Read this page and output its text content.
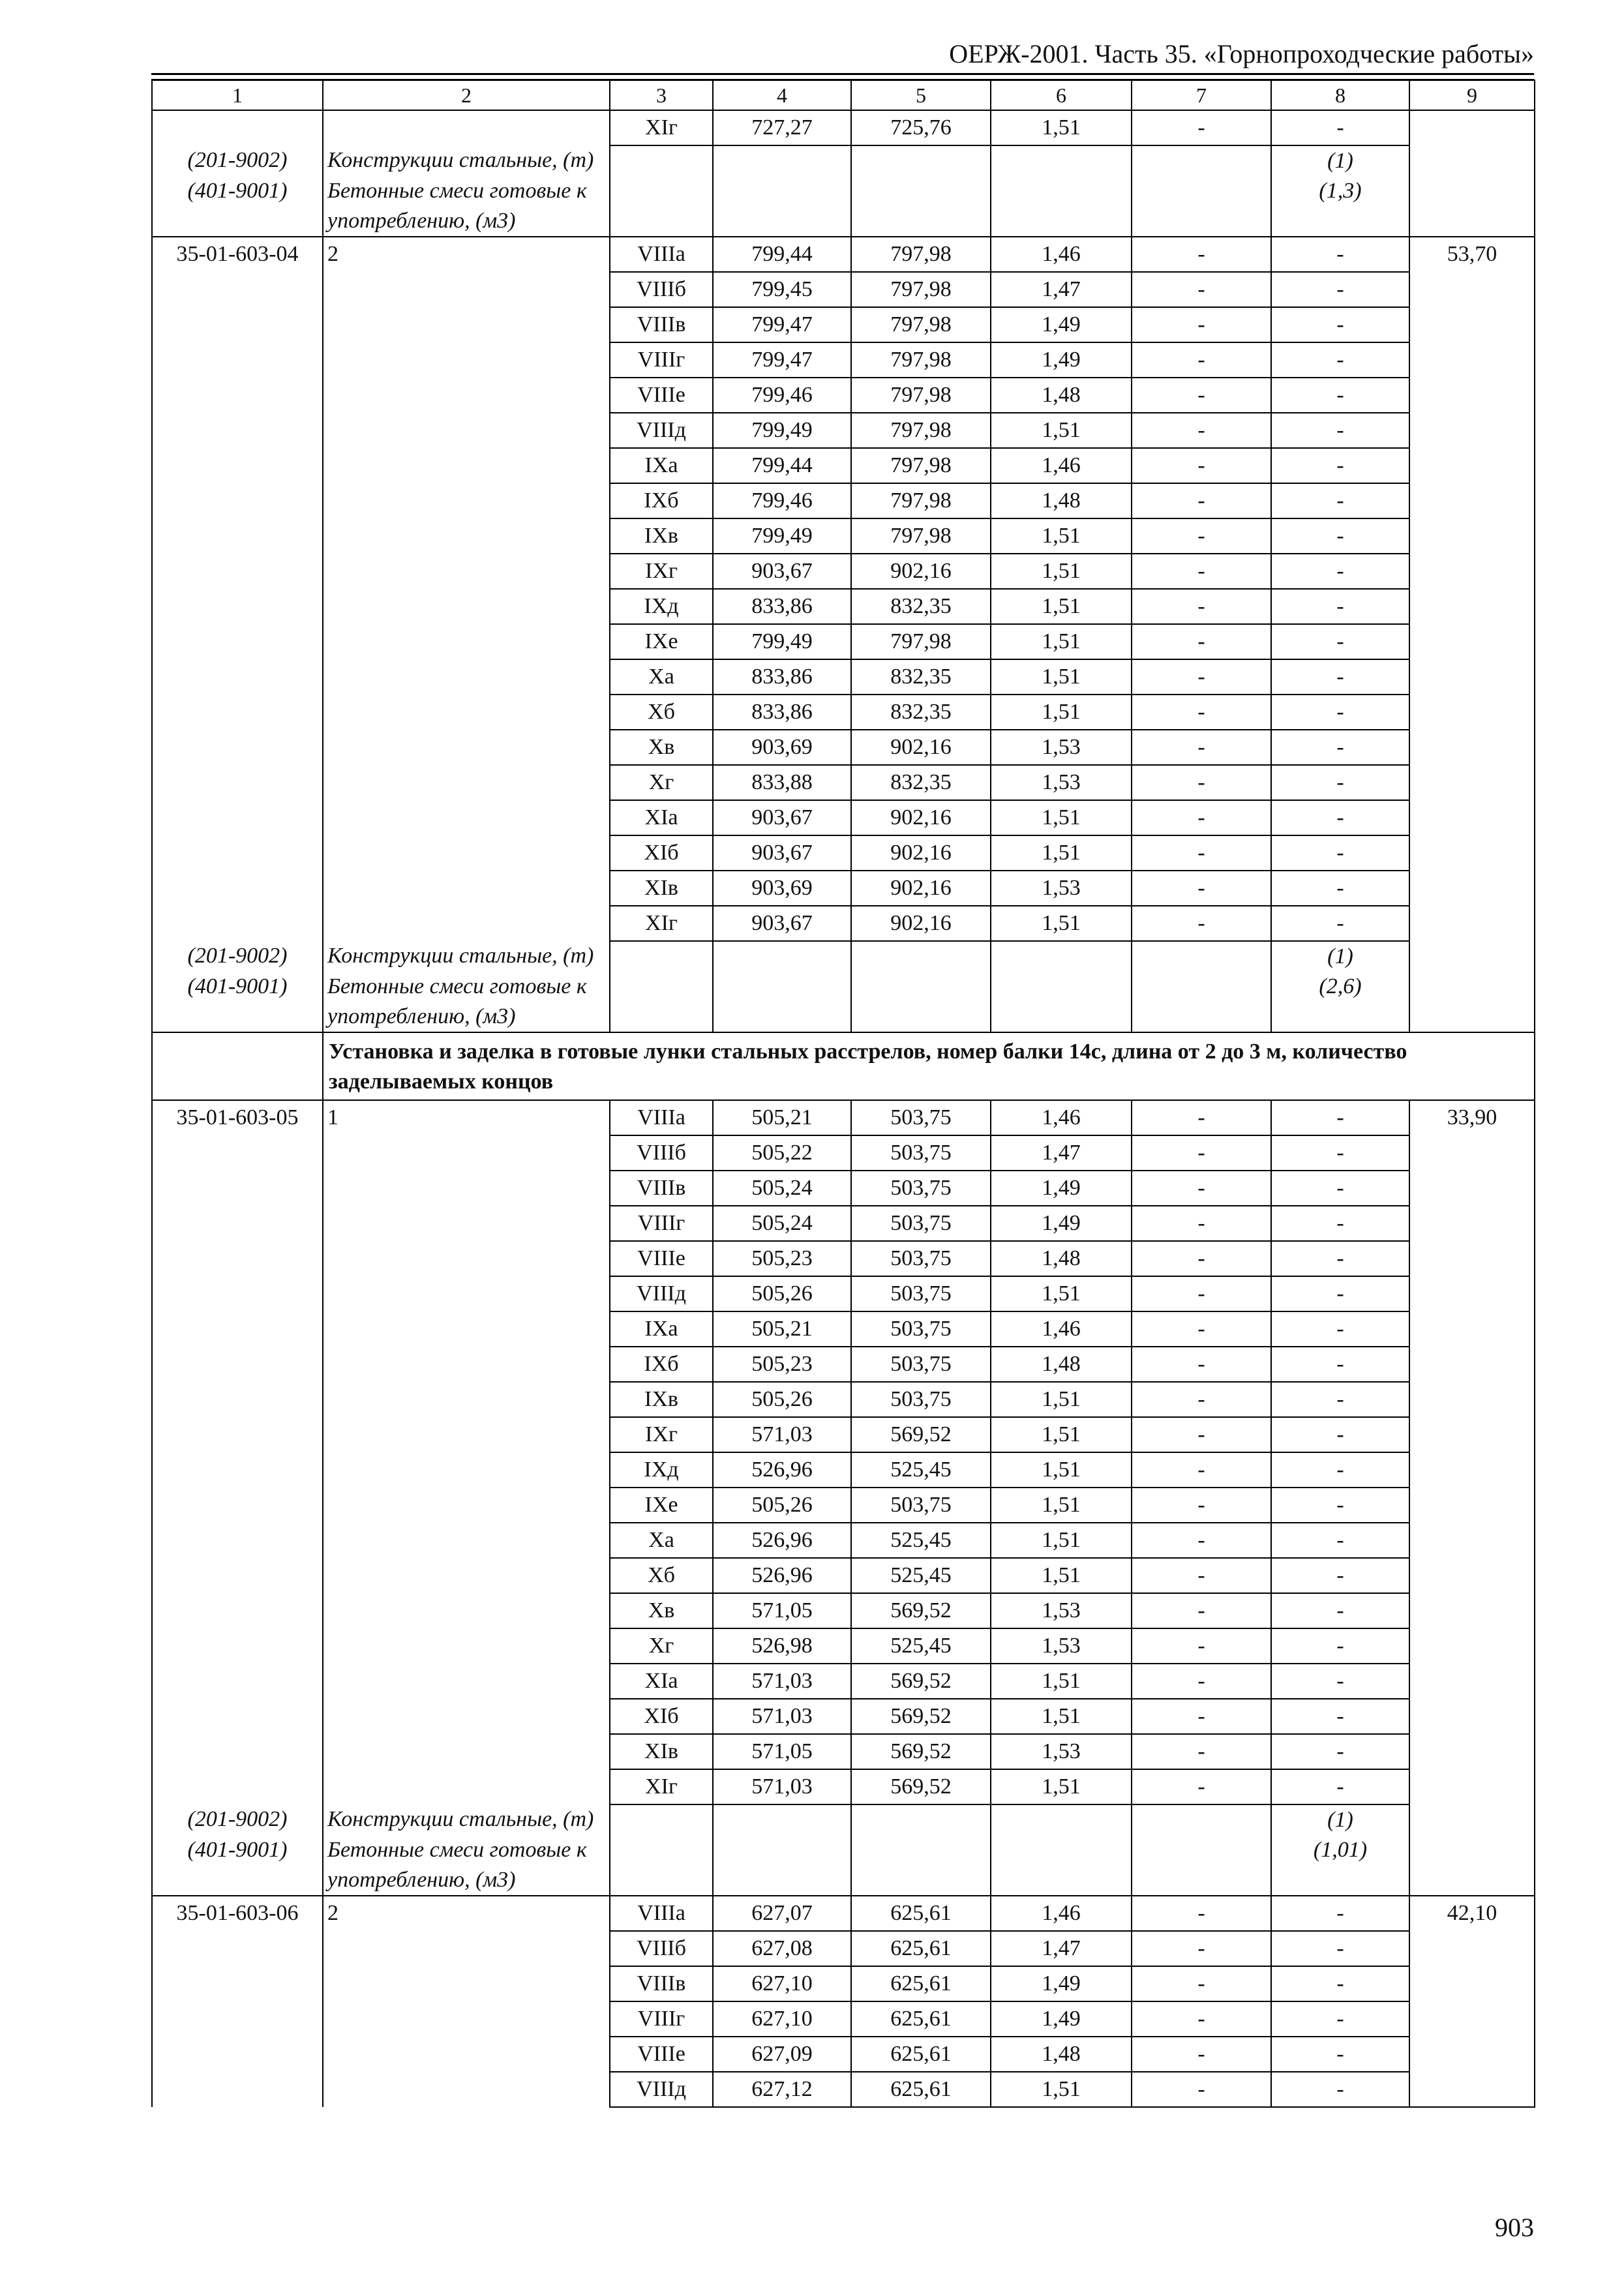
ОЕРЖ-2001. Часть 35. «Горнопроходческие работы»
1	2	3	4	5	6	7	8	9
		XIг	727,27	725,76	1,51	-	-	
(201-9002)	Конструкции стальные, (т)						(1)	
(401-9001)	Бетонные смеси готовые к употреблению, (м3)						(1,3)	
35-01-603-04	2	VIIIа	799,44	797,98	1,46	-	-	53,70
		VIIIб	799,45	797,98	1,47	-	-	
		VIIIв	799,47	797,98	1,49	-	-	
		VIIIг	799,47	797,98	1,49	-	-	
		VIIIе	799,46	797,98	1,48	-	-	
		VIIIд	799,49	797,98	1,51	-	-	
		IXа	799,44	797,98	1,46	-	-	
		IXб	799,46	797,98	1,48	-	-	
		IXв	799,49	797,98	1,51	-	-	
		IXг	903,67	902,16	1,51	-	-	
		IXд	833,86	832,35	1,51	-	-	
		IXе	799,49	797,98	1,51	-	-	
		Xа	833,86	832,35	1,51	-	-	
		Xб	833,86	832,35	1,51	-	-	
		Xв	903,69	902,16	1,53	-	-	
		Xг	833,88	832,35	1,53	-	-	
		XIа	903,67	902,16	1,51	-	-	
		XIб	903,67	902,16	1,51	-	-	
		XIв	903,69	902,16	1,53	-	-	
		XIг	903,67	902,16	1,51	-	-	
(201-9002)	Конструкции стальные, (т)						(1)	
(401-9001)	Бетонные смеси готовые к употреблению, (м3)						(2,6)	
	Установка и заделка в готовые лунки стальных расстрелов, номер балки 14с, длина от 2 до 3 м, количество заделываемых концов							
35-01-603-05	1	VIIIа	505,21	503,75	1,46	-	-	33,90
		VIIIб	505,22	503,75	1,47	-	-	
		VIIIв	505,24	503,75	1,49	-	-	
		VIIIг	505,24	503,75	1,49	-	-	
		VIIIе	505,23	503,75	1,48	-	-	
		VIIIд	505,26	503,75	1,51	-	-	
		IXа	505,21	503,75	1,46	-	-	
		IXб	505,23	503,75	1,48	-	-	
		IXв	505,26	503,75	1,51	-	-	
		IXг	571,03	569,52	1,51	-	-	
		IXд	526,96	525,45	1,51	-	-	
		IXе	505,26	503,75	1,51	-	-	
		Xа	526,96	525,45	1,51	-	-	
		Xб	526,96	525,45	1,51	-	-	
		Xв	571,05	569,52	1,53	-	-	
		Xг	526,98	525,45	1,53	-	-	
		XIа	571,03	569,52	1,51	-	-	
		XIб	571,03	569,52	1,51	-	-	
		XIв	571,05	569,52	1,53	-	-	
		XIг	571,03	569,52	1,51	-	-	
(201-9002)	Конструкции стальные, (т)						(1)	
(401-9001)	Бетонные смеси готовые к употреблению, (м3)						(1,01)	
35-01-603-06	2	VIIIа	627,07	625,61	1,46	-	-	42,10
		VIIIб	627,08	625,61	1,47	-	-	
		VIIIв	627,10	625,61	1,49	-	-	
		VIIIг	627,10	625,61	1,49	-	-	
		VIIIе	627,09	625,61	1,48	-	-	
		VIIIд	627,12	625,61	1,51	-	-	
903
